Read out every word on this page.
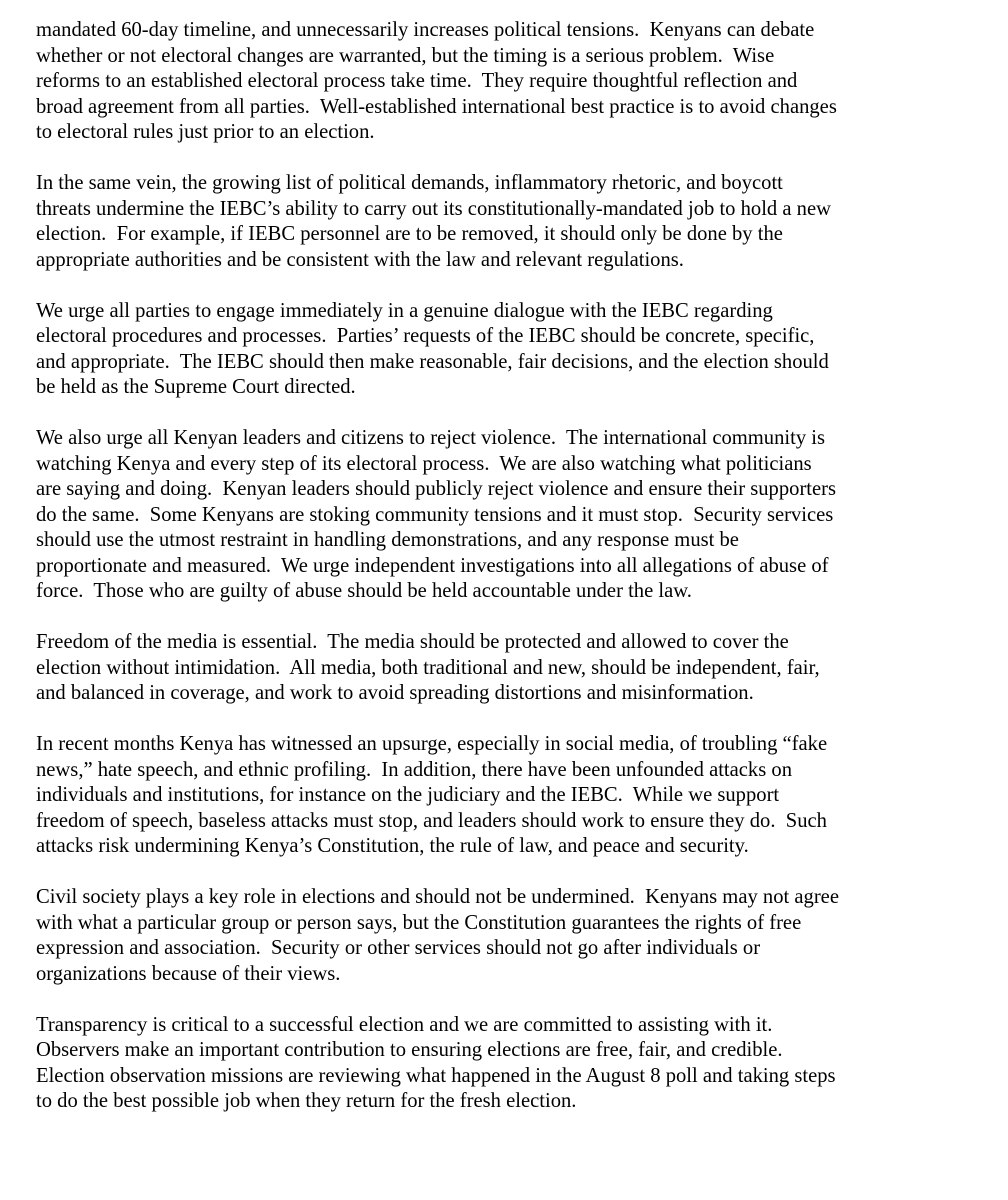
mandated 60-day timeline, and unnecessarily increases political tensions.  Kenyans can debate
whether or not electoral changes are warranted, but the timing is a serious problem.  Wise
reforms to an established electoral process take time.  They require thoughtful reflection and
broad agreement from all parties.  Well-established international best practice is to avoid changes
to electoral rules just prior to an election.
In the same vein, the growing list of political demands, inflammatory rhetoric, and boycott
threats undermine the IEBC’s ability to carry out its constitutionally-mandated job to hold a new
election.  For example, if IEBC personnel are to be removed, it should only be done by the
appropriate authorities and be consistent with the law and relevant regulations.
We urge all parties to engage immediately in a genuine dialogue with the IEBC regarding
electoral procedures and processes.  Parties’ requests of the IEBC should be concrete, specific,
and appropriate.  The IEBC should then make reasonable, fair decisions, and the election should
be held as the Supreme Court directed.
We also urge all Kenyan leaders and citizens to reject violence.  The international community is
watching Kenya and every step of its electoral process.  We are also watching what politicians
are saying and doing.  Kenyan leaders should publicly reject violence and ensure their supporters
do the same.  Some Kenyans are stoking community tensions and it must stop.  Security services
should use the utmost restraint in handling demonstrations, and any response must be
proportionate and measured.  We urge independent investigations into all allegations of abuse of
force.  Those who are guilty of abuse should be held accountable under the law.
Freedom of the media is essential.  The media should be protected and allowed to cover the
election without intimidation.  All media, both traditional and new, should be independent, fair,
and balanced in coverage, and work to avoid spreading distortions and misinformation.
In recent months Kenya has witnessed an upsurge, especially in social media, of troubling “fake
news,” hate speech, and ethnic profiling.  In addition, there have been unfounded attacks on
individuals and institutions, for instance on the judiciary and the IEBC.  While we support
freedom of speech, baseless attacks must stop, and leaders should work to ensure they do.  Such
attacks risk undermining Kenya’s Constitution, the rule of law, and peace and security.
Civil society plays a key role in elections and should not be undermined.  Kenyans may not agree
with what a particular group or person says, but the Constitution guarantees the rights of free
expression and association.  Security or other services should not go after individuals or
organizations because of their views.
Transparency is critical to a successful election and we are committed to assisting with it.
Observers make an important contribution to ensuring elections are free, fair, and credible.
Election observation missions are reviewing what happened in the August 8 poll and taking steps
to do the best possible job when they return for the fresh election.
